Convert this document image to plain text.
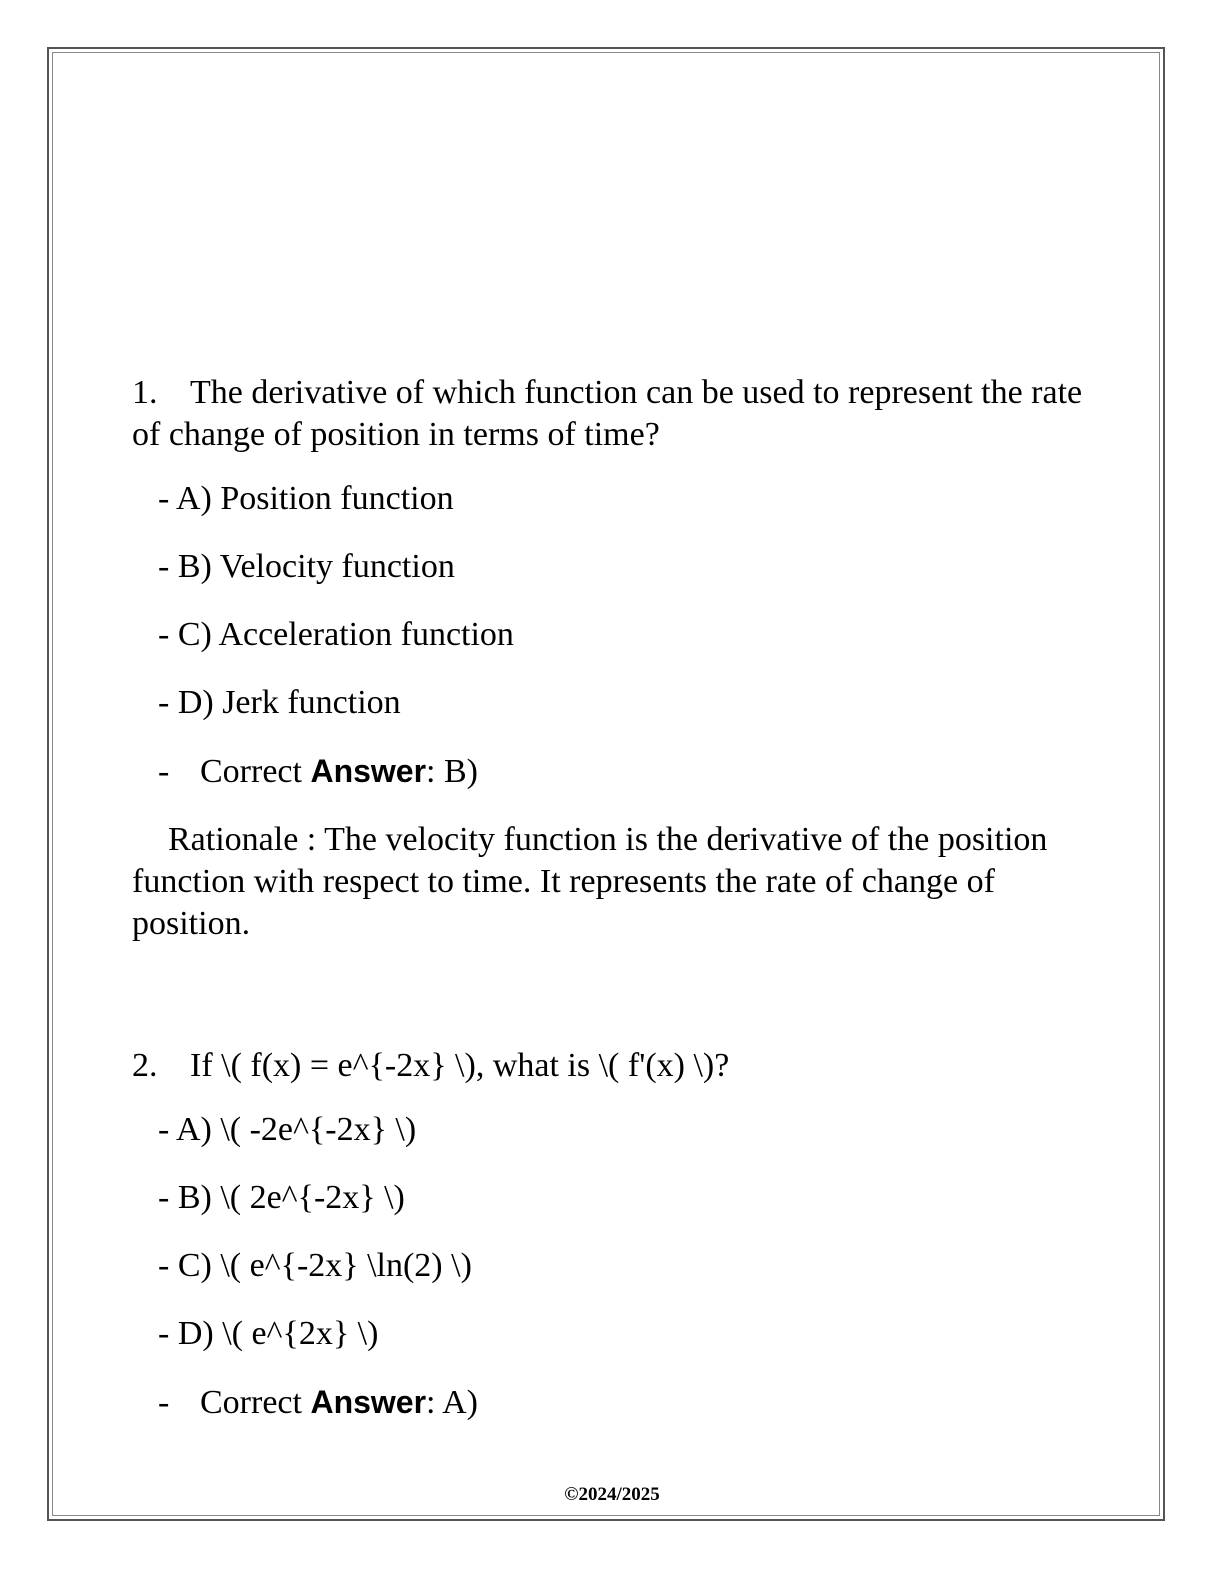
1. The derivative of which function can be used to represent the rate of change of position in terms of time?

- A) Position function
- B) Velocity function
- C) Acceleration function
- D) Jerk function
- Correct Answer: B)

Rationale : The velocity function is the derivative of the position function with respect to time. It represents the rate of change of position.

2. If \( f(x) = e^{-2x} \), what is \( f'(x) \)?

- A) \( -2e^{-2x} \)
- B) \( 2e^{-2x} \)
- C) \( e^{-2x} \ln(2) \)
- D) \( e^{2x} \)
- Correct Answer: A)
©2024/2025
